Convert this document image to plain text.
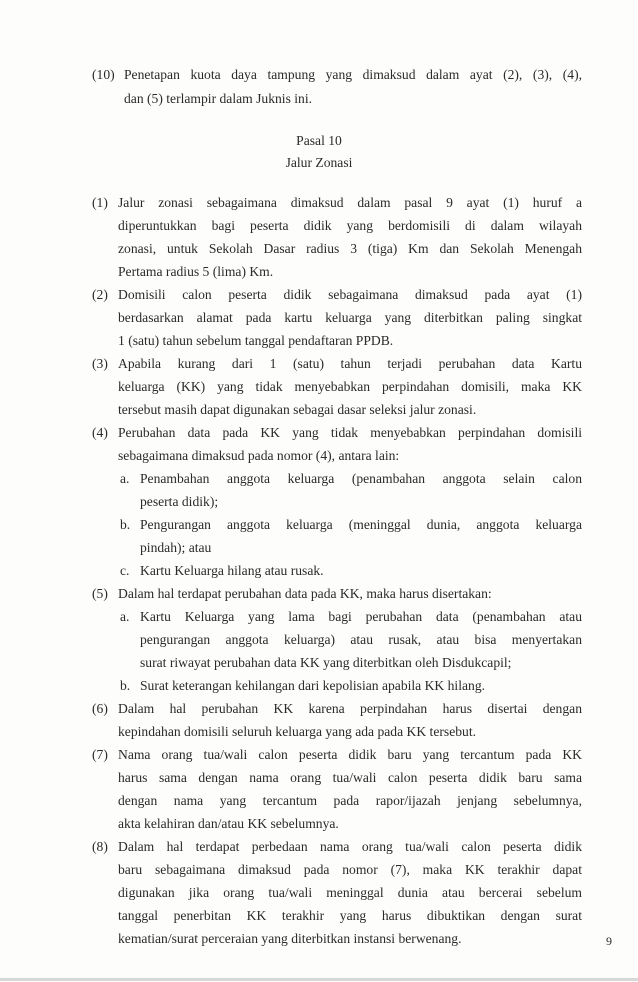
(10) Penetapan kuota daya tampung yang dimaksud dalam ayat (2), (3), (4),
dan (5) terlampir dalam Juknis ini.
Pasal 10
Jalur Zonasi
(1) Jalur zonasi sebagaimana dimaksud dalam pasal 9 ayat (1) huruf a
diperuntukkan bagi peserta didik yang berdomisili di dalam wilayah
zonasi, untuk Sekolah Dasar radius 3 (tiga) Km dan Sekolah Menengah
Pertama radius 5 (lima) Km.
(2) Domisili calon peserta didik sebagaimana dimaksud pada ayat (1)
berdasarkan alamat pada kartu keluarga yang diterbitkan paling singkat
1 (satu) tahun sebelum tanggal pendaftaran PPDB.
(3) Apabila kurang dari 1 (satu) tahun terjadi perubahan data Kartu
keluarga (KK) yang tidak menyebabkan perpindahan domisili, maka KK
tersebut masih dapat digunakan sebagai dasar seleksi jalur zonasi.
(4) Perubahan data pada KK yang tidak menyebabkan perpindahan domisili
sebagaimana dimaksud pada nomor (4), antara lain:
a. Penambahan anggota keluarga (penambahan anggota selain calon
peserta didik);
b. Pengurangan anggota keluarga (meninggal dunia, anggota keluarga
pindah); atau
c. Kartu Keluarga hilang atau rusak.
(5) Dalam hal terdapat perubahan data pada KK, maka harus disertakan:
a. Kartu Keluarga yang lama bagi perubahan data (penambahan atau
pengurangan anggota keluarga) atau rusak, atau bisa menyertakan
surat riwayat perubahan data KK yang diterbitkan oleh Disdukcapil;
b. Surat keterangan kehilangan dari kepolisian apabila KK hilang.
(6) Dalam hal perubahan KK karena perpindahan harus disertai dengan
kepindahan domisili seluruh keluarga yang ada pada KK tersebut.
(7) Nama orang tua/wali calon peserta didik baru yang tercantum pada KK
harus sama dengan nama orang tua/wali calon peserta didik baru sama
dengan nama yang tercantum pada rapor/ijazah jenjang sebelumnya,
akta kelahiran dan/atau KK sebelumnya.
(8) Dalam hal terdapat perbedaan nama orang tua/wali calon peserta didik
baru sebagaimana dimaksud pada nomor (7), maka KK terakhir dapat
digunakan jika orang tua/wali meninggal dunia atau bercerai sebelum
tanggal penerbitan KK terakhir yang harus dibuktikan dengan surat
kematian/surat perceraian yang diterbitkan instansi berwenang.	9
